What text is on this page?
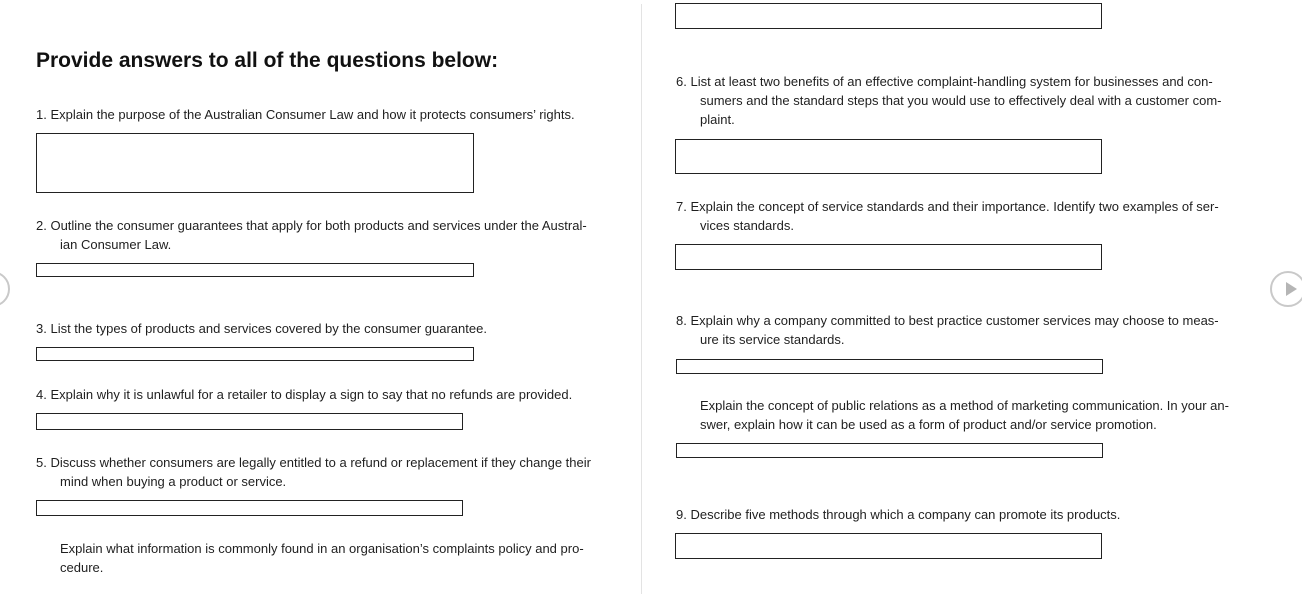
Provide answers to all of the questions below:

1. Explain the purpose of the Australian Consumer Law and how it protects consumers’ rights.

2. Outline the consumer guarantees that apply for both products and services under the Austral-
ian Consumer Law.

3. List the types of products and services covered by the consumer guarantee.

4. Explain why it is unlawful for a retailer to display a sign to say that no refunds are provided.

5. Discuss whether consumers are legally entitled to a refund or replacement if they change their
mind when buying a product or service.

Explain what information is commonly found in an organisation’s complaints policy and pro-
cedure.

6. List at least two benefits of an effective complaint-handling system for businesses and con-
sumers and the standard steps that you would use to effectively deal with a customer com-
plaint.

7. Explain the concept of service standards and their importance. Identify two examples of ser-
vices standards.

8. Explain why a company committed to best practice customer services may choose to meas-
ure its service standards.

Explain the concept of public relations as a method of marketing communication. In your an-
swer, explain how it can be used as a form of product and/or service promotion.

9. Describe five methods through which a company can promote its products.
